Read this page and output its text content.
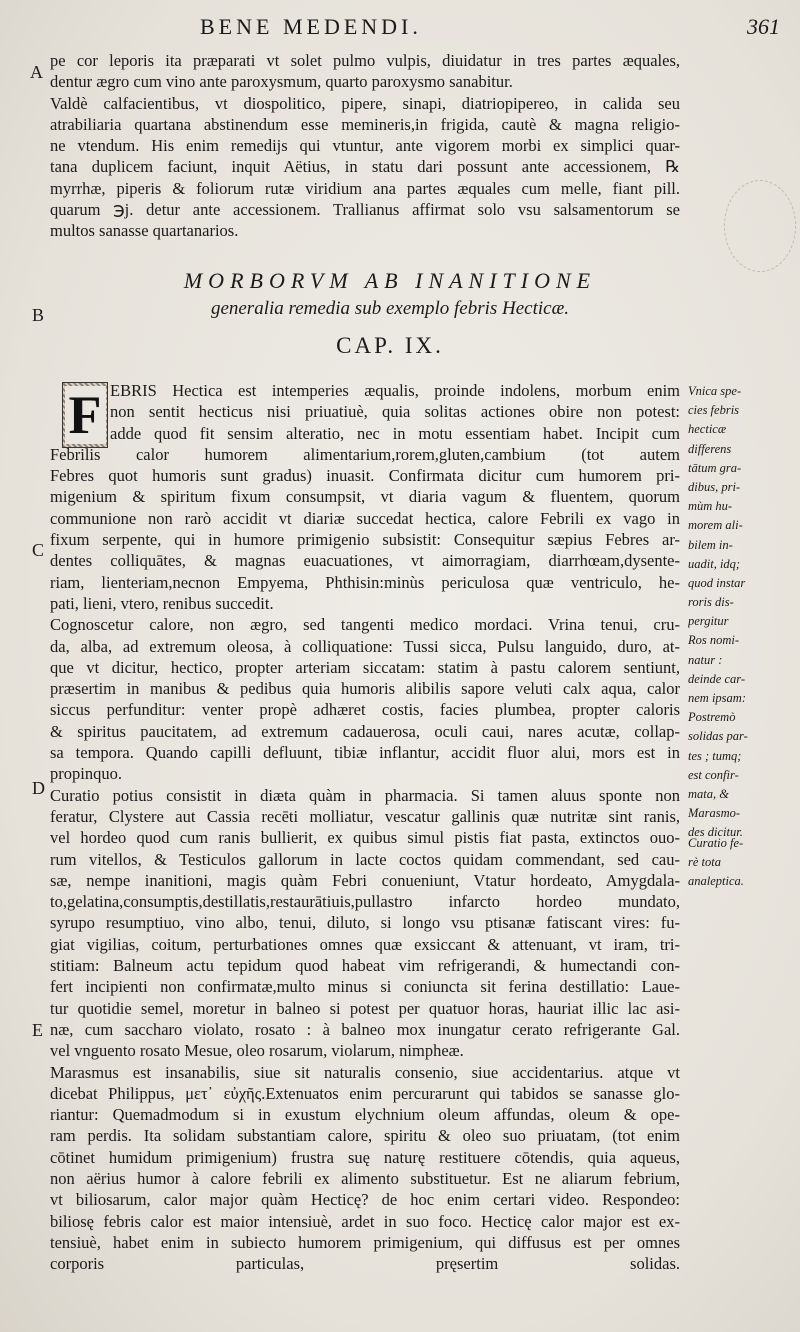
BENE MEDENDI.	361
A
B
C
D
E
pe cor leporis ita præparati vt solet pulmo vulpis, diuidatur in tres partes æquales,
dentur ægro cum vino ante paroxysmum, quarto paroxysmo sanabitur.
Valdè calfacientibus, vt diospolitico, pipere, sinapi, diatriopipereo, in calida seu
atrabiliaria quartana abstinendum esse memineris,in frigida, cautè & magna religio-
ne vtendum. His enim remedijs qui vtuntur, ante vigorem morbi ex simplici quar-
tana duplicem faciunt, inquit Aëtius, in statu dari possunt ante accessionem, ℞
myrrhæ, piperis & foliorum rutæ viridium ana partes æquales cum melle, fiant pill.
quarum ℈j. detur ante accessionem. Trallianus affirmat solo vsu salsamentorum se
multos sanasse quartanarios.
MORBORVM AB INANITIONE
generalia remedia sub exemplo febris Hecticæ.
CAP. IX.
F EBRIS Hectica est intemperies æqualis, proinde indolens, morbum enim
non sentit hecticus nisi priuatiuè, quia solitas actiones obire non potest:
adde quod fit sensim alteratio, nec in motu essentiam habet. Incipit cum
Febrilis calor humorem alimentarium,rorem,gluten,cambium (tot autem
Febres quot humoris sunt gradus) inuasit. Confirmata dicitur cum humorem pri-
migenium & spiritum fixum consumpsit, vt diaria vagum & fluentem, quorum
communione non rarò accidit vt diariæ succedat hectica, calore Febrili ex vago in
fixum serpente, qui in humore primigenio subsistit: Consequitur sæpius Febres ar-
dentes colliquātes, & magnas euacuationes, vt aimorragiam, diarrhœam,dysente-
riam, lienteriam,necnon Empyema, Phthisin:minùs periculosa quæ ventriculo, he-
pati, lieni, vtero, renibus succedit.
Cognoscetur calore, non ægro, sed tangenti medico mordaci. Vrina tenui, cru-
da, alba, ad extremum oleosa, à colliquatione: Tussi sicca, Pulsu languido, duro, at-
que vt dicitur, hectico, propter arteriam siccatam: statim à pastu calorem sentiunt,
præsertim in manibus & pedibus quia humoris alibilis sapore veluti calx aqua, calor
siccus perfunditur: venter propè adhæret costis, facies plumbea, propter caloris
& spiritus paucitatem, ad extremum cadauerosa, oculi caui, nares acutæ, collap-
sa tempora. Quando capilli defluunt, tibiæ inflantur, accidit fluor alui, mors est in
propinquo.
Curatio potius consistit in diæta quàm in pharmacia. Si tamen aluus sponte non
feratur, Clystere aut Cassia recēti molliatur, vescatur gallinis quæ nutritæ sint ranis,
vel hordeo quod cum ranis bullierit, ex quibus simul pistis fiat pasta, extinctos ouo-
rum vitellos, & Testiculos gallorum in lacte coctos quidam commendant, sed cau-
sæ, nempe inanitioni, magis quàm Febri conueniunt, Vtatur hordeato, Amygdala-
to,gelatina,consumptis,destillatis,restaurātiuis,pullastro infarcto hordeo mundato,
syrupo resumptiuo, vino albo, tenui, diluto, si longo vsu ptisanæ fatiscant vires: fu-
giat vigilias, coitum, perturbationes omnes quæ exsiccant & attenuant, vt iram, tri-
stitiam: Balneum actu tepidum quod habeat vim refrigerandi, & humectandi con-
fert incipienti non confirmatæ,multo minus si coniuncta sit ferina destillatio: Laue-
tur quotidie semel, moretur in balneo si potest per quatuor horas, hauriat illic lac asi-
næ, cum saccharo violato, rosato : à balneo mox inungatur cerato refrigerante Gal.
vel vnguento rosato Mesue, oleo rosarum, violarum, nimpheæ.
Marasmus est insanabilis, siue sit naturalis consenio, siue accidentarius. atque vt
dicebat Philippus, μετ᾽ εὐχῆς.Extenuatos enim percurarunt qui tabidos se sanasse glo-
riantur: Quemadmodum si in exustum elychnium oleum affundas, oleum & ope-
ram perdis. Ita solidam substantiam calore, spiritu & oleo suo priuatam, (tot enim
cōtinet humidum primigenium) frustra suę naturę restituere cōtendis, quia aqueus,
non aërius humor à calore febrili ex alimento substituetur. Est ne aliarum febrium,
vt biliosarum, calor major quàm Hecticę? de hoc enim certari video. Respondeo:
biliosę febris calor est maior intensiuè, ardet in suo foco. Hecticę calor major est ex-
tensiuè, habet enim in subiecto humorem primigenium, qui diffusus est per omnes
corporis particulas, pręsertim solidas.
Vnica spe-
cies febris
hecticæ
differens
tātum gra-
dibus, pri-
mùm hu-
morem ali-
bilem in-
uadit, idq;
quod instar
roris dis-
pergitur
Ros nomi-
natur :
deinde car-
nem ipsam:
Postremò
solidas par-
tes ; tumq;
est confir-
mata, &
Marasmo-
des dicitur.
Curatio fe-
rè tota
analeptica.
